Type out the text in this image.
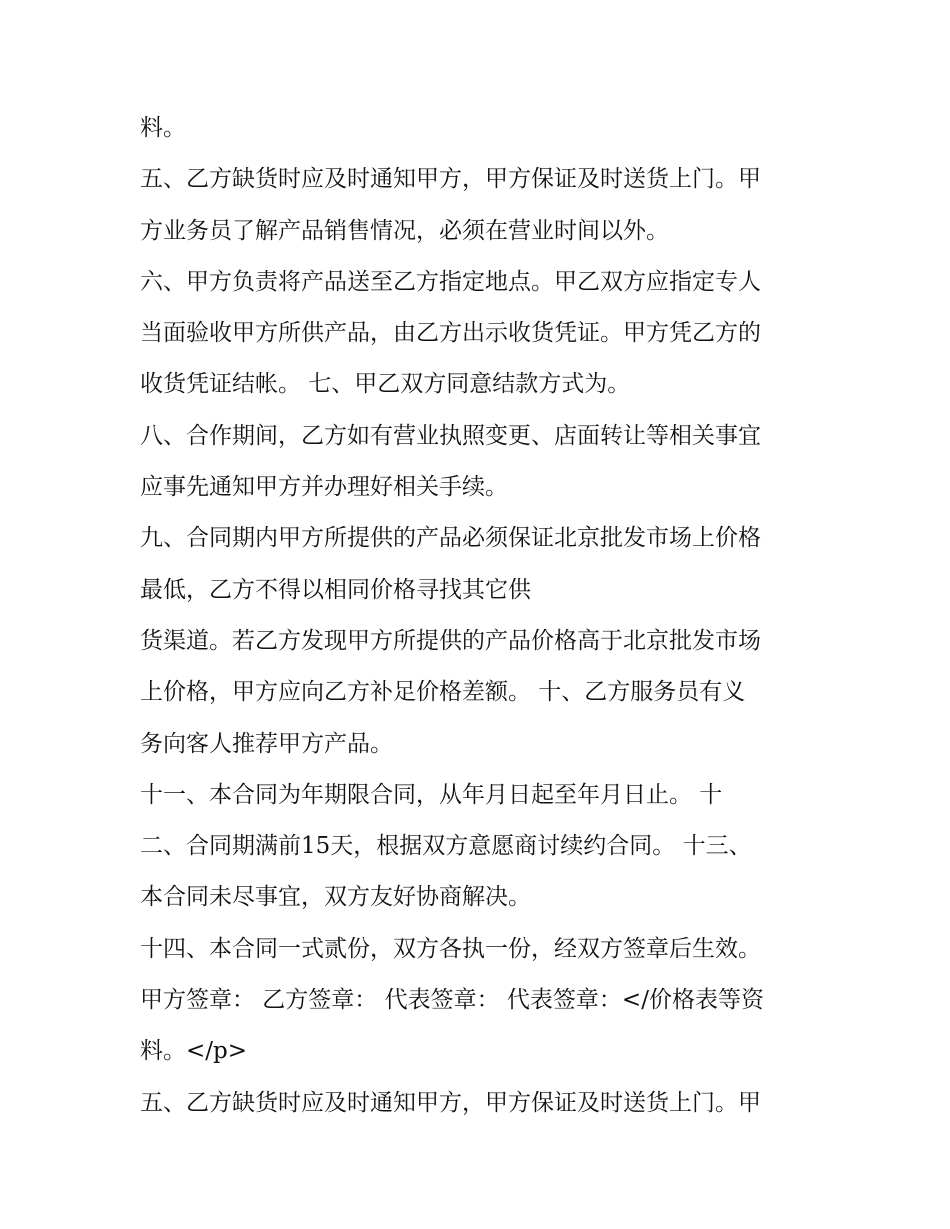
料。
五、乙方缺货时应及时通知甲方，甲方保证及时送货上门。甲
方业务员了解产品销售情况，必须在营业时间以外。
六、甲方负责将产品送至乙方指定地点。甲乙双方应指定专人
当面验收甲方所供产品，由乙方出示收货凭证。甲方凭乙方的
收货凭证结帐。 七、甲乙双方同意结款方式为。
八、合作期间，乙方如有营业执照变更、店面转让等相关事宜
应事先通知甲方并办理好相关手续。
九、合同期内甲方所提供的产品必须保证北京批发市场上价格
最低，乙方不得以相同价格寻找其它供
货渠道。若乙方发现甲方所提供的产品价格高于北京批发市场
上价格，甲方应向乙方补足价格差额。 十、乙方服务员有义
务向客人推荐甲方产品。
十一、本合同为年期限合同，从年月日起至年月日止。 十
二、合同期满前15天，根据双方意愿商讨续约合同。 十三、
本合同未尽事宜，双方友好协商解决。
十四、本合同一式贰份，双方各执一份，经双方签章后生效。
甲方签章： 乙方签章： 代表签章： 代表签章：</价格表等资
料。</p>
五、乙方缺货时应及时通知甲方，甲方保证及时送货上门。甲
